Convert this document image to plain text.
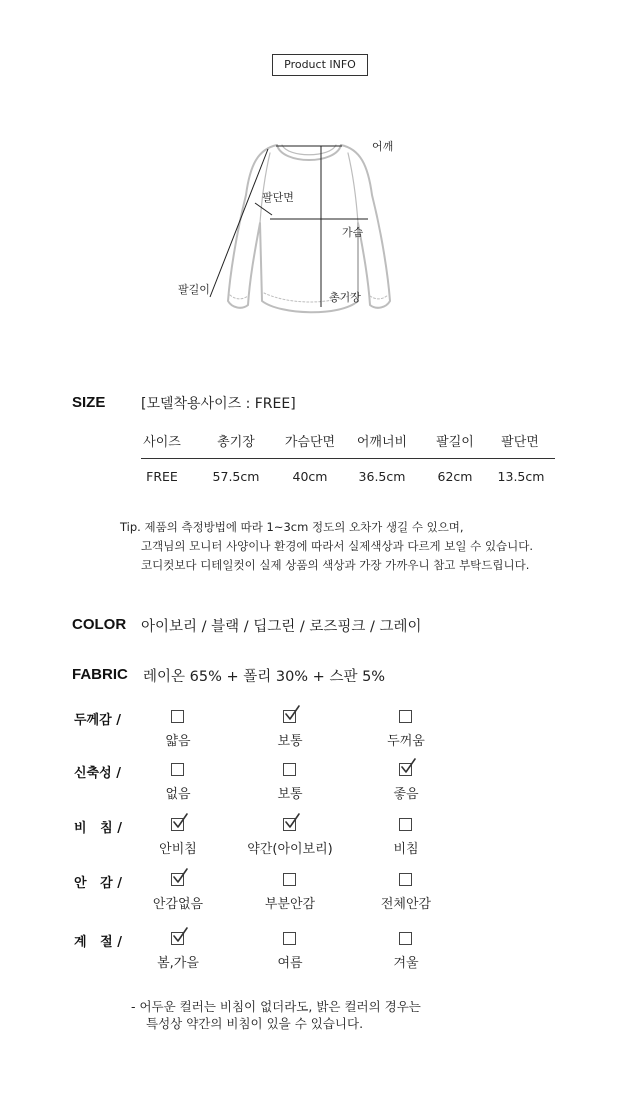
Product INFO
어깨
팔단면
가슴
팔길이
총기장
SIZE	[모델착용사이즈 : FREE]
사이즈	총기장	가슴단면	어깨너비	팔길이	팔단면
FREE	57.5cm	40cm	36.5cm	62cm	13.5cm
Tip. 제품의 측정방법에 따라 1~3cm 정도의 오차가 생길 수 있으며,
고객님의 모니터 사양이나 환경에 따라서 실제색상과 다르게 보일 수 있습니다.
코디컷보다 디테일컷이 실제 상품의 색상과 가장 가까우니 참고 부탁드립니다.
COLOR 아이보리 / 블랙 / 딥그린 / 로즈핑크 / 그레이
FABRIC 레이온 65% + 폴리 30% + 스판 5%
두께감 /
얇음	보통	두꺼움
신축성 /
없음	보통	좋음
비   침 /
안비침	약간(아이보리)	비침
안   감 /
안감없음	부분안감	전체안감
계   절 /
봄,가을	여름	겨울
- 어두운 컬러는 비침이 없더라도, 밝은 컬러의 경우는
특성상 약간의 비침이 있을 수 있습니다.
